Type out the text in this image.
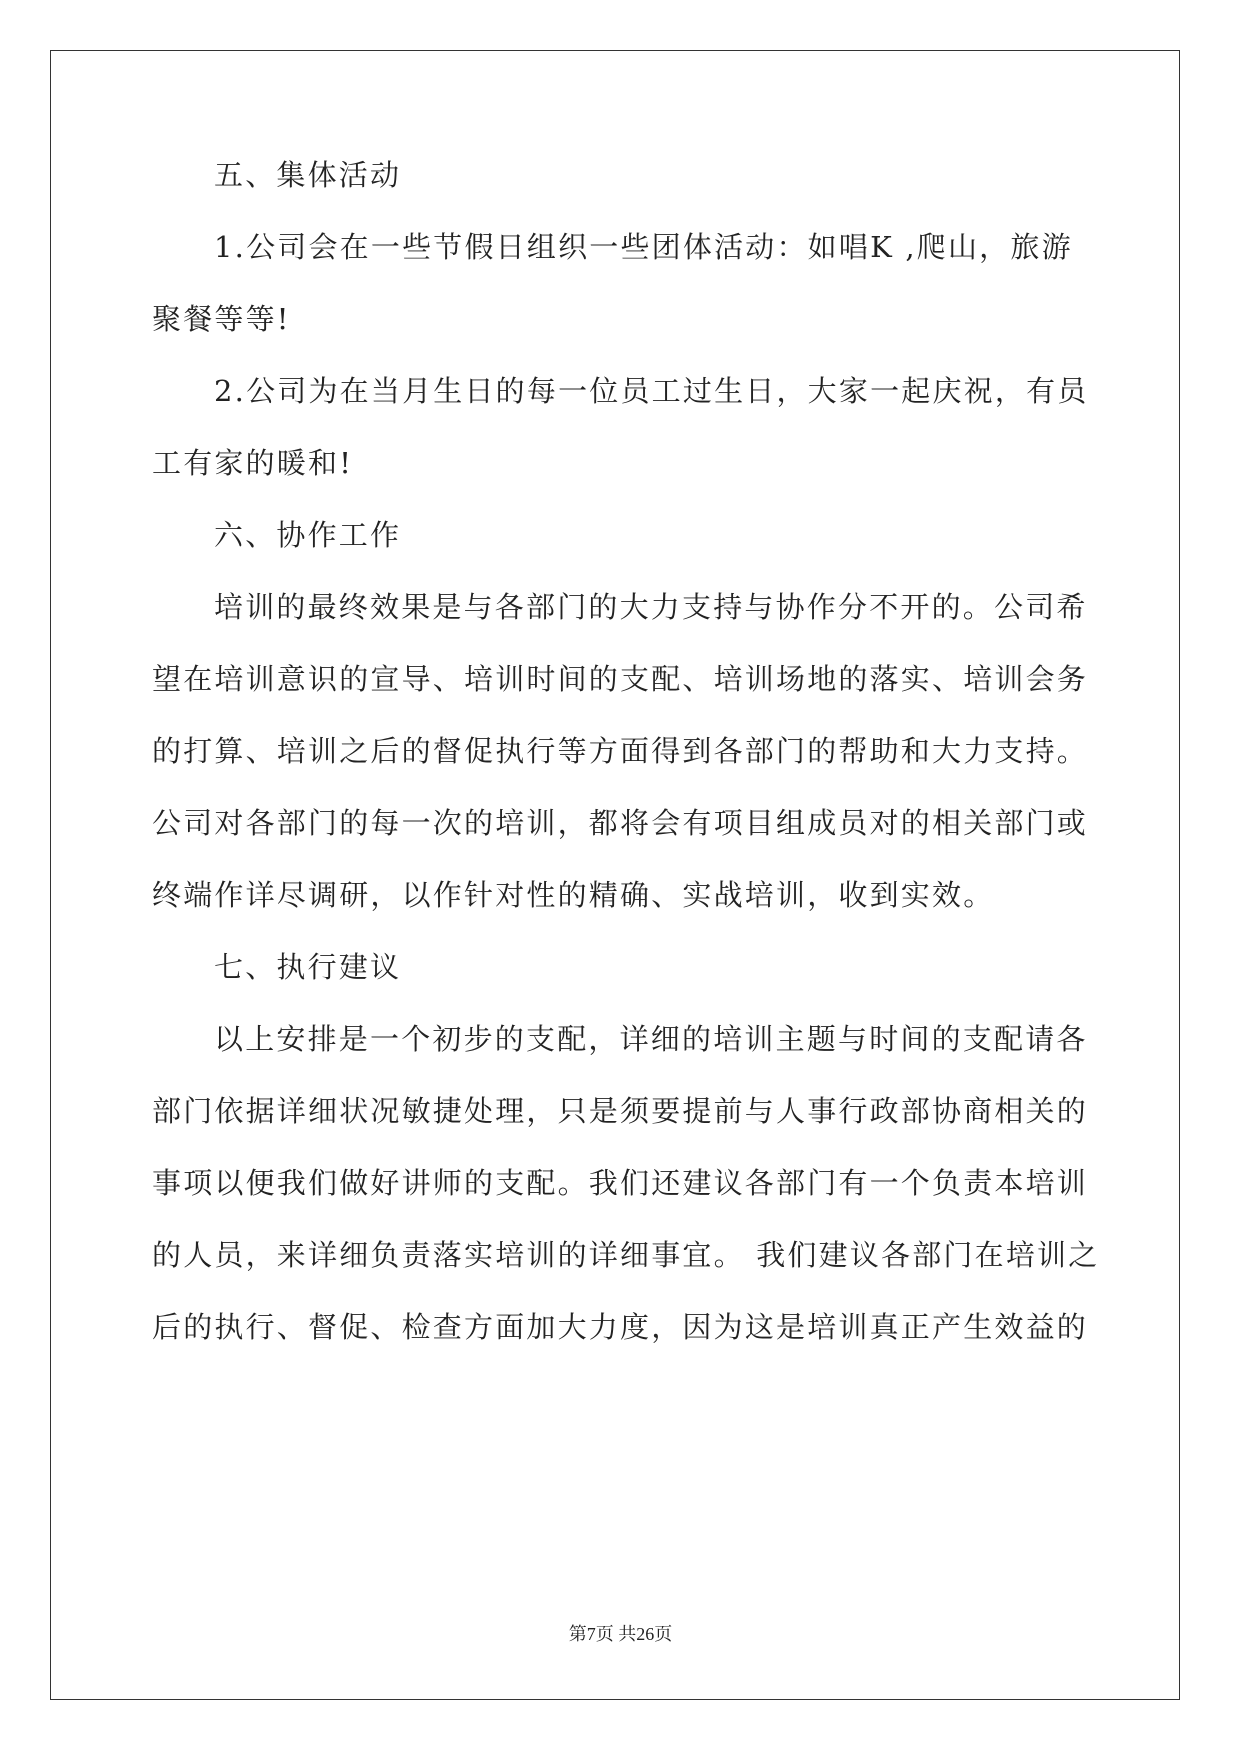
五、集体活动
1.公司会在一些节假日组织一些团体活动：如唱K ,爬山，旅游
聚餐等等!
2.公司为在当月生日的每一位员工过生日，大家一起庆祝，有员
工有家的暖和!
六、协作工作
培训的最终效果是与各部门的大力支持与协作分不开的。公司希
望在培训意识的宣导、培训时间的支配、培训场地的落实、培训会务
的打算、培训之后的督促执行等方面得到各部门的帮助和大力支持。
公司对各部门的每一次的培训，都将会有项目组成员对的相关部门或
终端作详尽调研，以作针对性的精确、实战培训，收到实效。
七、执行建议
以上安排是一个初步的支配，详细的培训主题与时间的支配请各
部门依据详细状况敏捷处理，只是须要提前与人事行政部协商相关的
事项以便我们做好讲师的支配。我们还建议各部门有一个负责本培训
的人员，来详细负责落实培训的详细事宜。 我们建议各部门在培训之
后的执行、督促、检查方面加大力度，因为这是培训真正产生效益的
第7页 共26页
